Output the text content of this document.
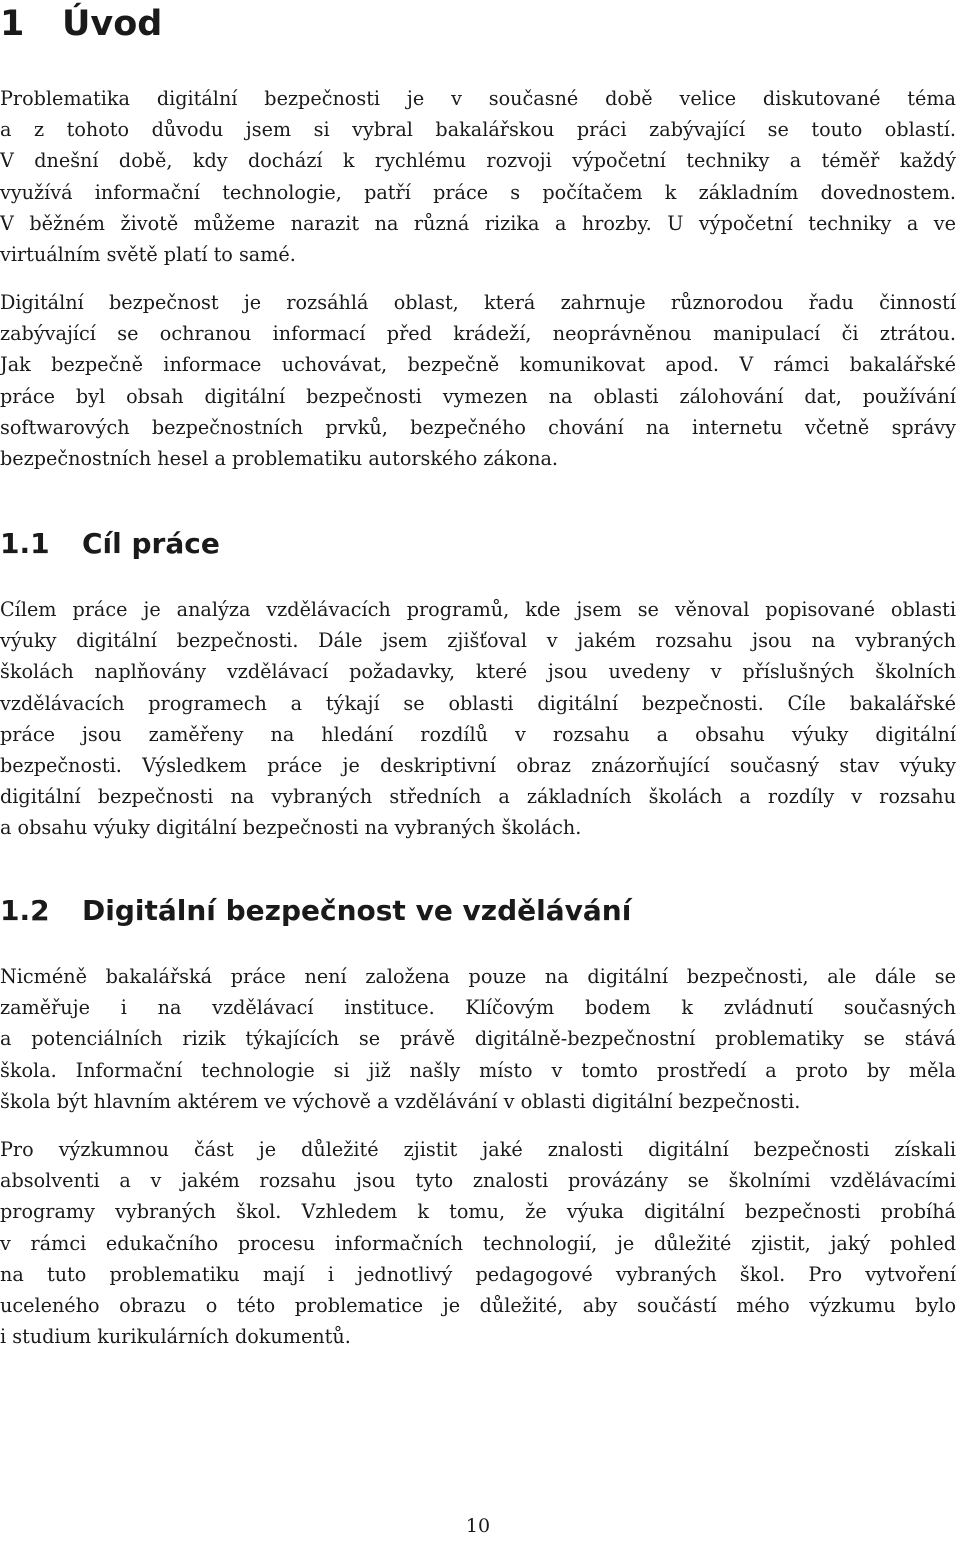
1 Úvod
Problematika digitální bezpečnosti je v současné době velice diskutované téma
a z tohoto důvodu jsem si vybral bakalářskou práci zabývající se touto oblastí.
V dnešní době, kdy dochází k rychlému rozvoji výpočetní techniky a téměř každý
využívá informační technologie, patří práce s počítačem k základním dovednostem.
V běžném životě můžeme narazit na různá rizika a hrozby. U výpočetní techniky a ve
virtuálním světě platí to samé.
Digitální bezpečnost je rozsáhlá oblast, která zahrnuje různorodou řadu činností
zabývající se ochranou informací před krádeží, neoprávněnou manipulací či ztrátou.
Jak bezpečně informace uchovávat, bezpečně komunikovat apod. V rámci bakalářské
práce byl obsah digitální bezpečnosti vymezen na oblasti zálohování dat, používání
softwarových bezpečnostních prvků, bezpečného chování na internetu včetně správy
bezpečnostních hesel a problematiku autorského zákona.
1.1 Cíl práce
Cílem práce je analýza vzdělávacích programů, kde jsem se věnoval popisované oblasti
výuky digitální bezpečnosti. Dále jsem zjišťoval v jakém rozsahu jsou na vybraných
školách naplňovány vzdělávací požadavky, které jsou uvedeny v příslušných školních
vzdělávacích programech a týkají se oblasti digitální bezpečnosti. Cíle bakalářské
práce jsou zaměřeny na hledání rozdílů v rozsahu a obsahu výuky digitální
bezpečnosti. Výsledkem práce je deskriptivní obraz znázorňující současný stav výuky
digitální bezpečnosti na vybraných středních a základních školách a rozdíly v rozsahu
a obsahu výuky digitální bezpečnosti na vybraných školách.
1.2 Digitální bezpečnost ve vzdělávání
Nicméně bakalářská práce není založena pouze na digitální bezpečnosti, ale dále se
zaměřuje i na vzdělávací instituce. Klíčovým bodem k zvládnutí současných
a potenciálních rizik týkajících se právě digitálně-bezpečnostní problematiky se stává
škola. Informační technologie si již našly místo v tomto prostředí a proto by měla
škola být hlavním aktérem ve výchově a vzdělávání v oblasti digitální bezpečnosti.
Pro výzkumnou část je důležité zjistit jaké znalosti digitální bezpečnosti získali
absolventi a v jakém rozsahu jsou tyto znalosti provázány se školními vzdělávacími
programy vybraných škol. Vzhledem k tomu, že výuka digitální bezpečnosti probíhá
v rámci edukačního procesu informačních technologií, je důležité zjistit, jaký pohled
na tuto problematiku mají i jednotlivý pedagogové vybraných škol. Pro vytvoření
uceleného obrazu o této problematice je důležité, aby součástí mého výzkumu bylo
i studium kurikulárních dokumentů.
10
